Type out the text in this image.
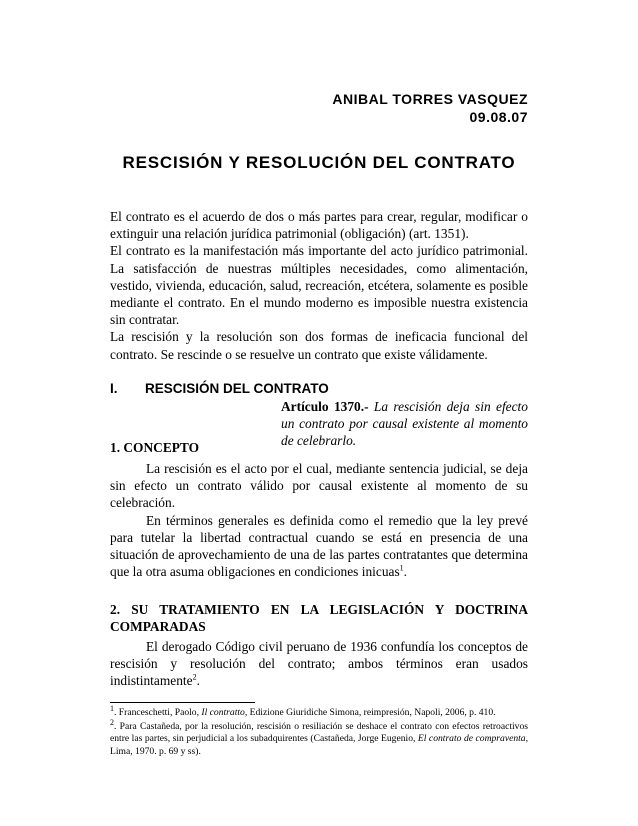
ANIBAL TORRES VASQUEZ
09.08.07
RESCISIÓN Y RESOLUCIÓN DEL CONTRATO

El contrato es el acuerdo de dos o más partes para crear, regular, modificar o extinguir una relación jurídica patrimonial (obligación) (art. 1351).

El contrato es la manifestación más importante del acto jurídico patrimonial. La satisfacción de nuestras múltiples necesidades, como alimentación, vestido, vivienda, educación, salud, recreación, etcétera, solamente es posible mediante el contrato. En el mundo moderno es imposible nuestra existencia sin contratar.

La rescisión y la resolución son dos formas de ineficacia funcional del contrato. Se rescinde o se resuelve un contrato que existe válidamente.

I. RESCISIÓN DEL CONTRATO
Artículo 1370.- La rescisión deja sin efecto un contrato por causal existente al momento de celebrarlo.
1. CONCEPTO

La rescisión es el acto por el cual, mediante sentencia judicial, se deja sin efecto un contrato válido por causal existente al momento de su celebración.

En términos generales es definida como el remedio que la ley prevé para tutelar la libertad contractual cuando se está en presencia de una situación de aprovechamiento de una de las partes contratantes que determina que la otra asuma obligaciones en condiciones inicuas$^1$.

2. SU TRATAMIENTO EN LA LEGISLACIÓN Y DOCTRINA COMPARADAS

El derogado Código civil peruano de 1936 confundía los conceptos de rescisión y resolución del contrato; ambos términos eran usados indistintamente$^2$.

$^1$. Franceschetti, Paolo, Il contratto, Edizione Giuridiche Simona, reimpresión, Napoli, 2006, p. 410.

$^2$. Para Castañeda, por la resolución, rescisión o resiliación se deshace el contrato con efectos retroactivos entre las partes, sin perjudicial a los subadquirentes (Castañeda, Jorge Eugenio, El contrato de compraventa, Lima, 1970. p. 69 y ss).
